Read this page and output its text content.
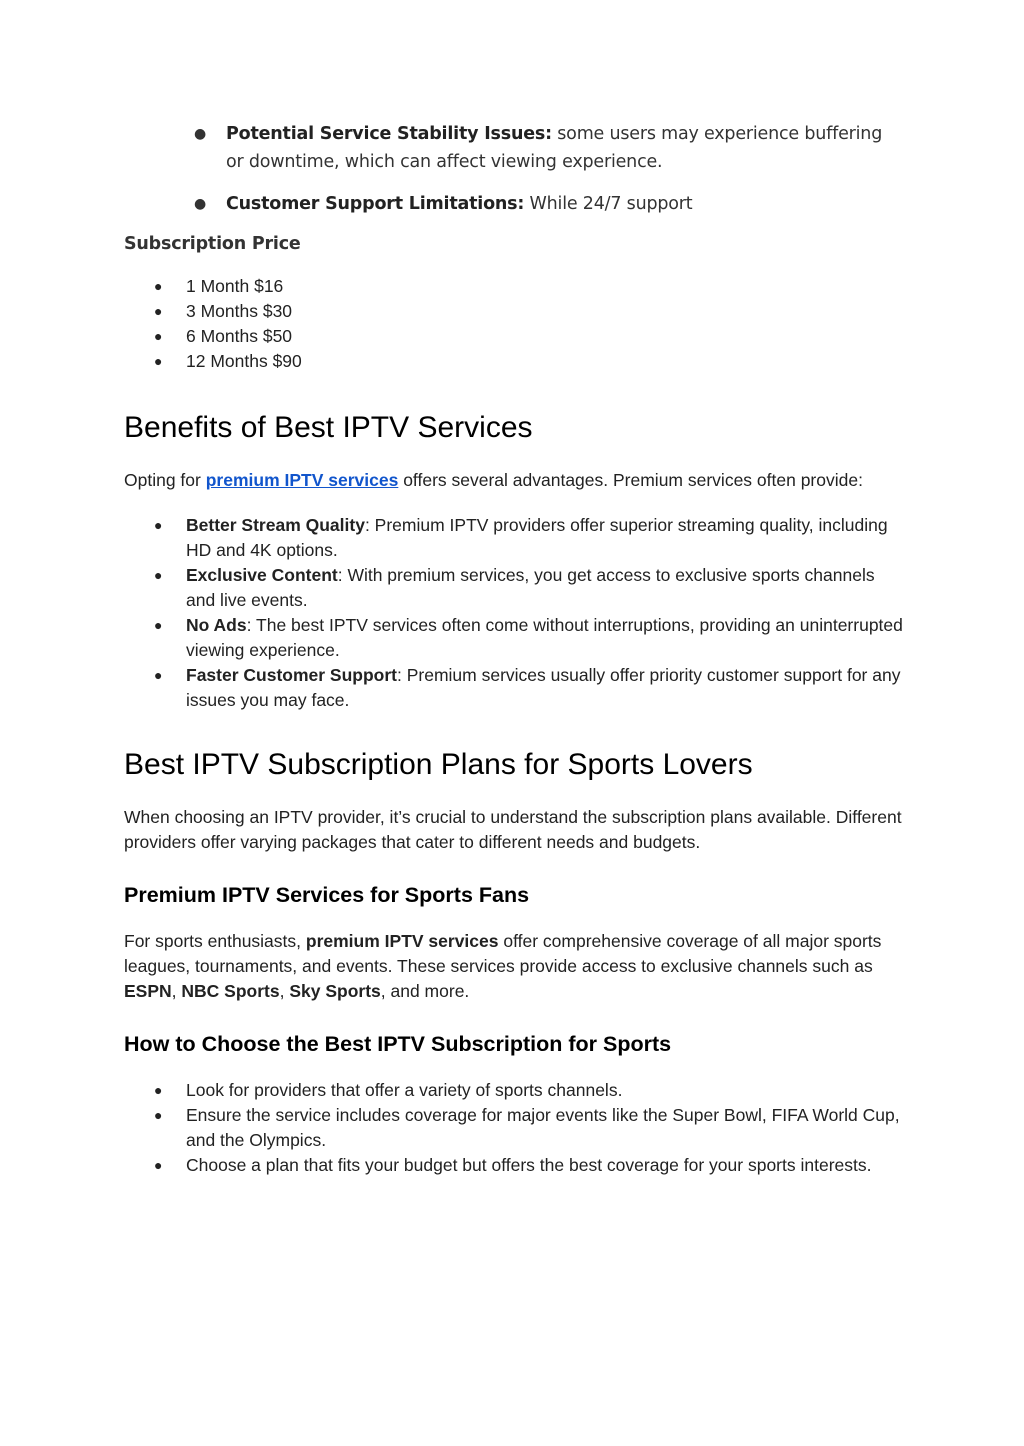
● Potential Service Stability Issues: some users may experience buffering or downtime, which can affect viewing experience.
● Customer Support Limitations: While 24/7 support
Subscription Price
● 1 Month $16
● 3 Months $30
● 6 Months $50
● 12 Months $90
Benefits of Best IPTV Services

Opting for premium IPTV services offers several advantages. Premium services often provide:

● Better Stream Quality: Premium IPTV providers offer superior streaming quality, including HD and 4K options.
● Exclusive Content: With premium services, you get access to exclusive sports channels and live events.
● No Ads: The best IPTV services often come without interruptions, providing an uninterrupted viewing experience.
● Faster Customer Support: Premium services usually offer priority customer support for any issues you may face.
Best IPTV Subscription Plans for Sports Lovers

When choosing an IPTV provider, it’s crucial to understand the subscription plans available. Different providers offer varying packages that cater to different needs and budgets.

Premium IPTV Services for Sports Fans

For sports enthusiasts, premium IPTV services offer comprehensive coverage of all major sports leagues, tournaments, and events. These services provide access to exclusive channels such as ESPN, NBC Sports, Sky Sports, and more.

How to Choose the Best IPTV Subscription for Sports
● Look for providers that offer a variety of sports channels.
● Ensure the service includes coverage for major events like the Super Bowl, FIFA World Cup, and the Olympics.
● Choose a plan that fits your budget but offers the best coverage for your sports interests.
